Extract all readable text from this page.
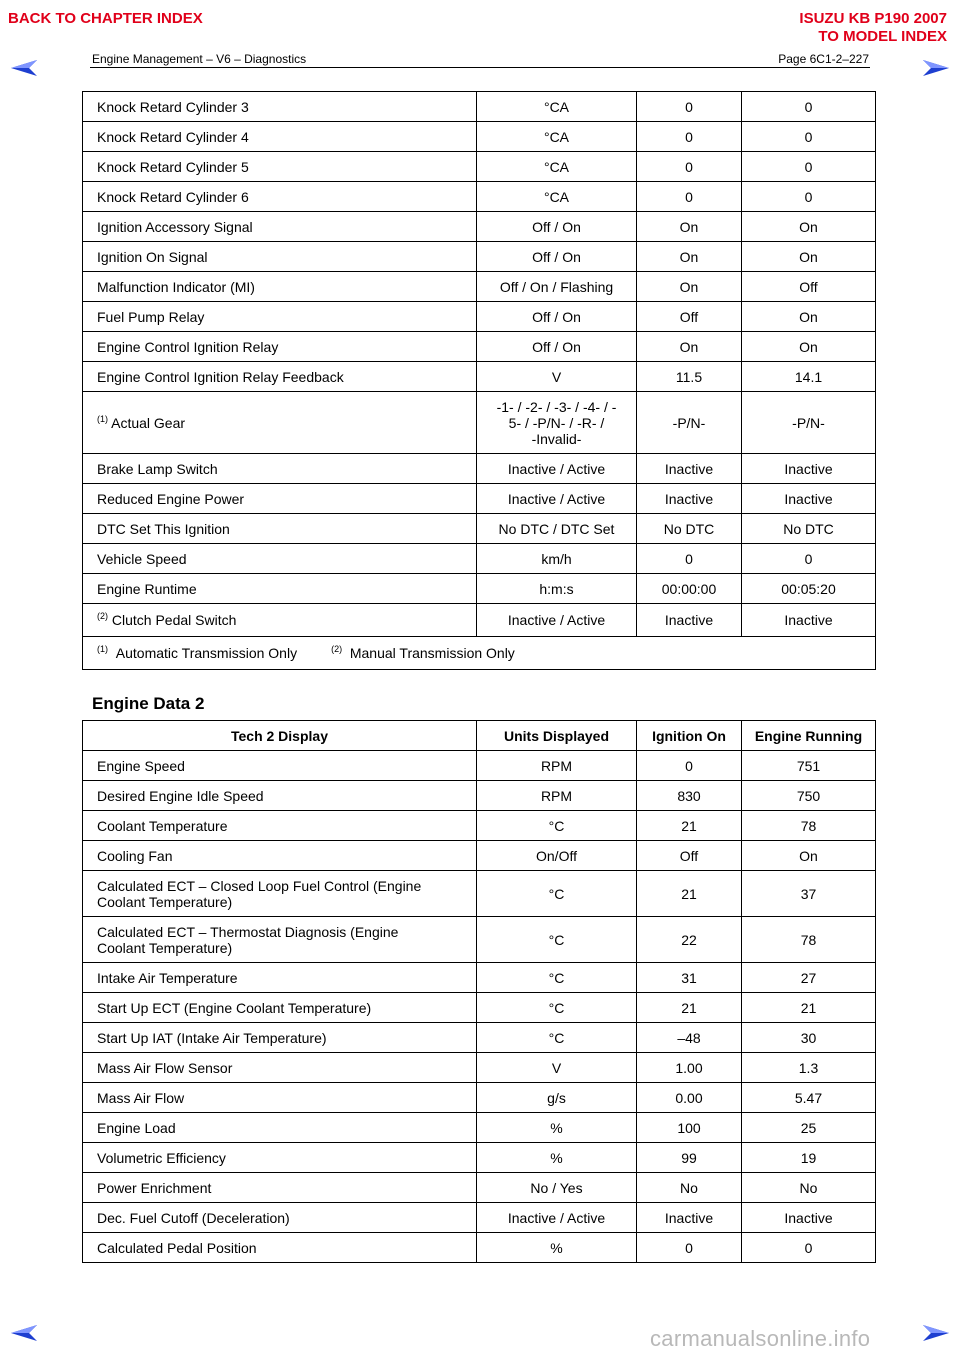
BACK TO CHAPTER INDEX	ISUZU KB P190 2007
TO MODEL INDEX
Engine Management – V6 – Diagnostics	Page 6C1-2–227
Knock Retard Cylinder 3	°CA	0	0
Knock Retard Cylinder 4	°CA	0	0
Knock Retard Cylinder 5	°CA	0	0
Knock Retard Cylinder 6	°CA	0	0
Ignition Accessory Signal	Off / On	On	On
Ignition On Signal	Off / On	On	On
Malfunction Indicator (MI)	Off / On / Flashing	On	Off
Fuel Pump Relay	Off / On	Off	On
Engine Control Ignition Relay	Off / On	On	On
Engine Control Ignition Relay Feedback	V	11.5	14.1
$^{(1)}$ Actual Gear	-1- / -2- / -3- / -4- / -
5- / -P/N- / -R- /
-Invalid-	-P/N-	-P/N-
Brake Lamp Switch	Inactive / Active	Inactive	Inactive
Reduced Engine Power	Inactive / Active	Inactive	Inactive
DTC Set This Ignition	No DTC / DTC Set	No DTC	No DTC
Vehicle Speed	km/h	0	0
Engine Runtime	h:m:s	00:00:00	00:05:20
$^{(2)}$ Clutch Pedal Switch	Inactive / Active	Inactive	Inactive
$^{(1)}$ Automatic Transmission Only $^{(2)}$ Manual Transmission Only			
Engine Data 2
Tech 2 Display	Units Displayed	Ignition On	Engine Running
Engine Speed	RPM	0	751
Desired Engine Idle Speed	RPM	830	750
Coolant Temperature	°C	21	78
Cooling Fan	On/Off	Off	On
Calculated ECT – Closed Loop Fuel Control (Engine
Coolant Temperature)	°C	21	37
Calculated ECT – Thermostat Diagnosis (Engine
Coolant Temperature)	°C	22	78
Intake Air Temperature	°C	31	27
Start Up ECT (Engine Coolant Temperature)	°C	21	21
Start Up IAT (Intake Air Temperature)	°C	–48	30
Mass Air Flow Sensor	V	1.00	1.3
Mass Air Flow	g/s	0.00	5.47
Engine Load	%	100	25
Volumetric Efficiency	%	99	19
Power Enrichment	No / Yes	No	No
Dec. Fuel Cutoff (Deceleration)	Inactive / Active	Inactive	Inactive
Calculated Pedal Position	%	0	0
carmanualsonline.info
